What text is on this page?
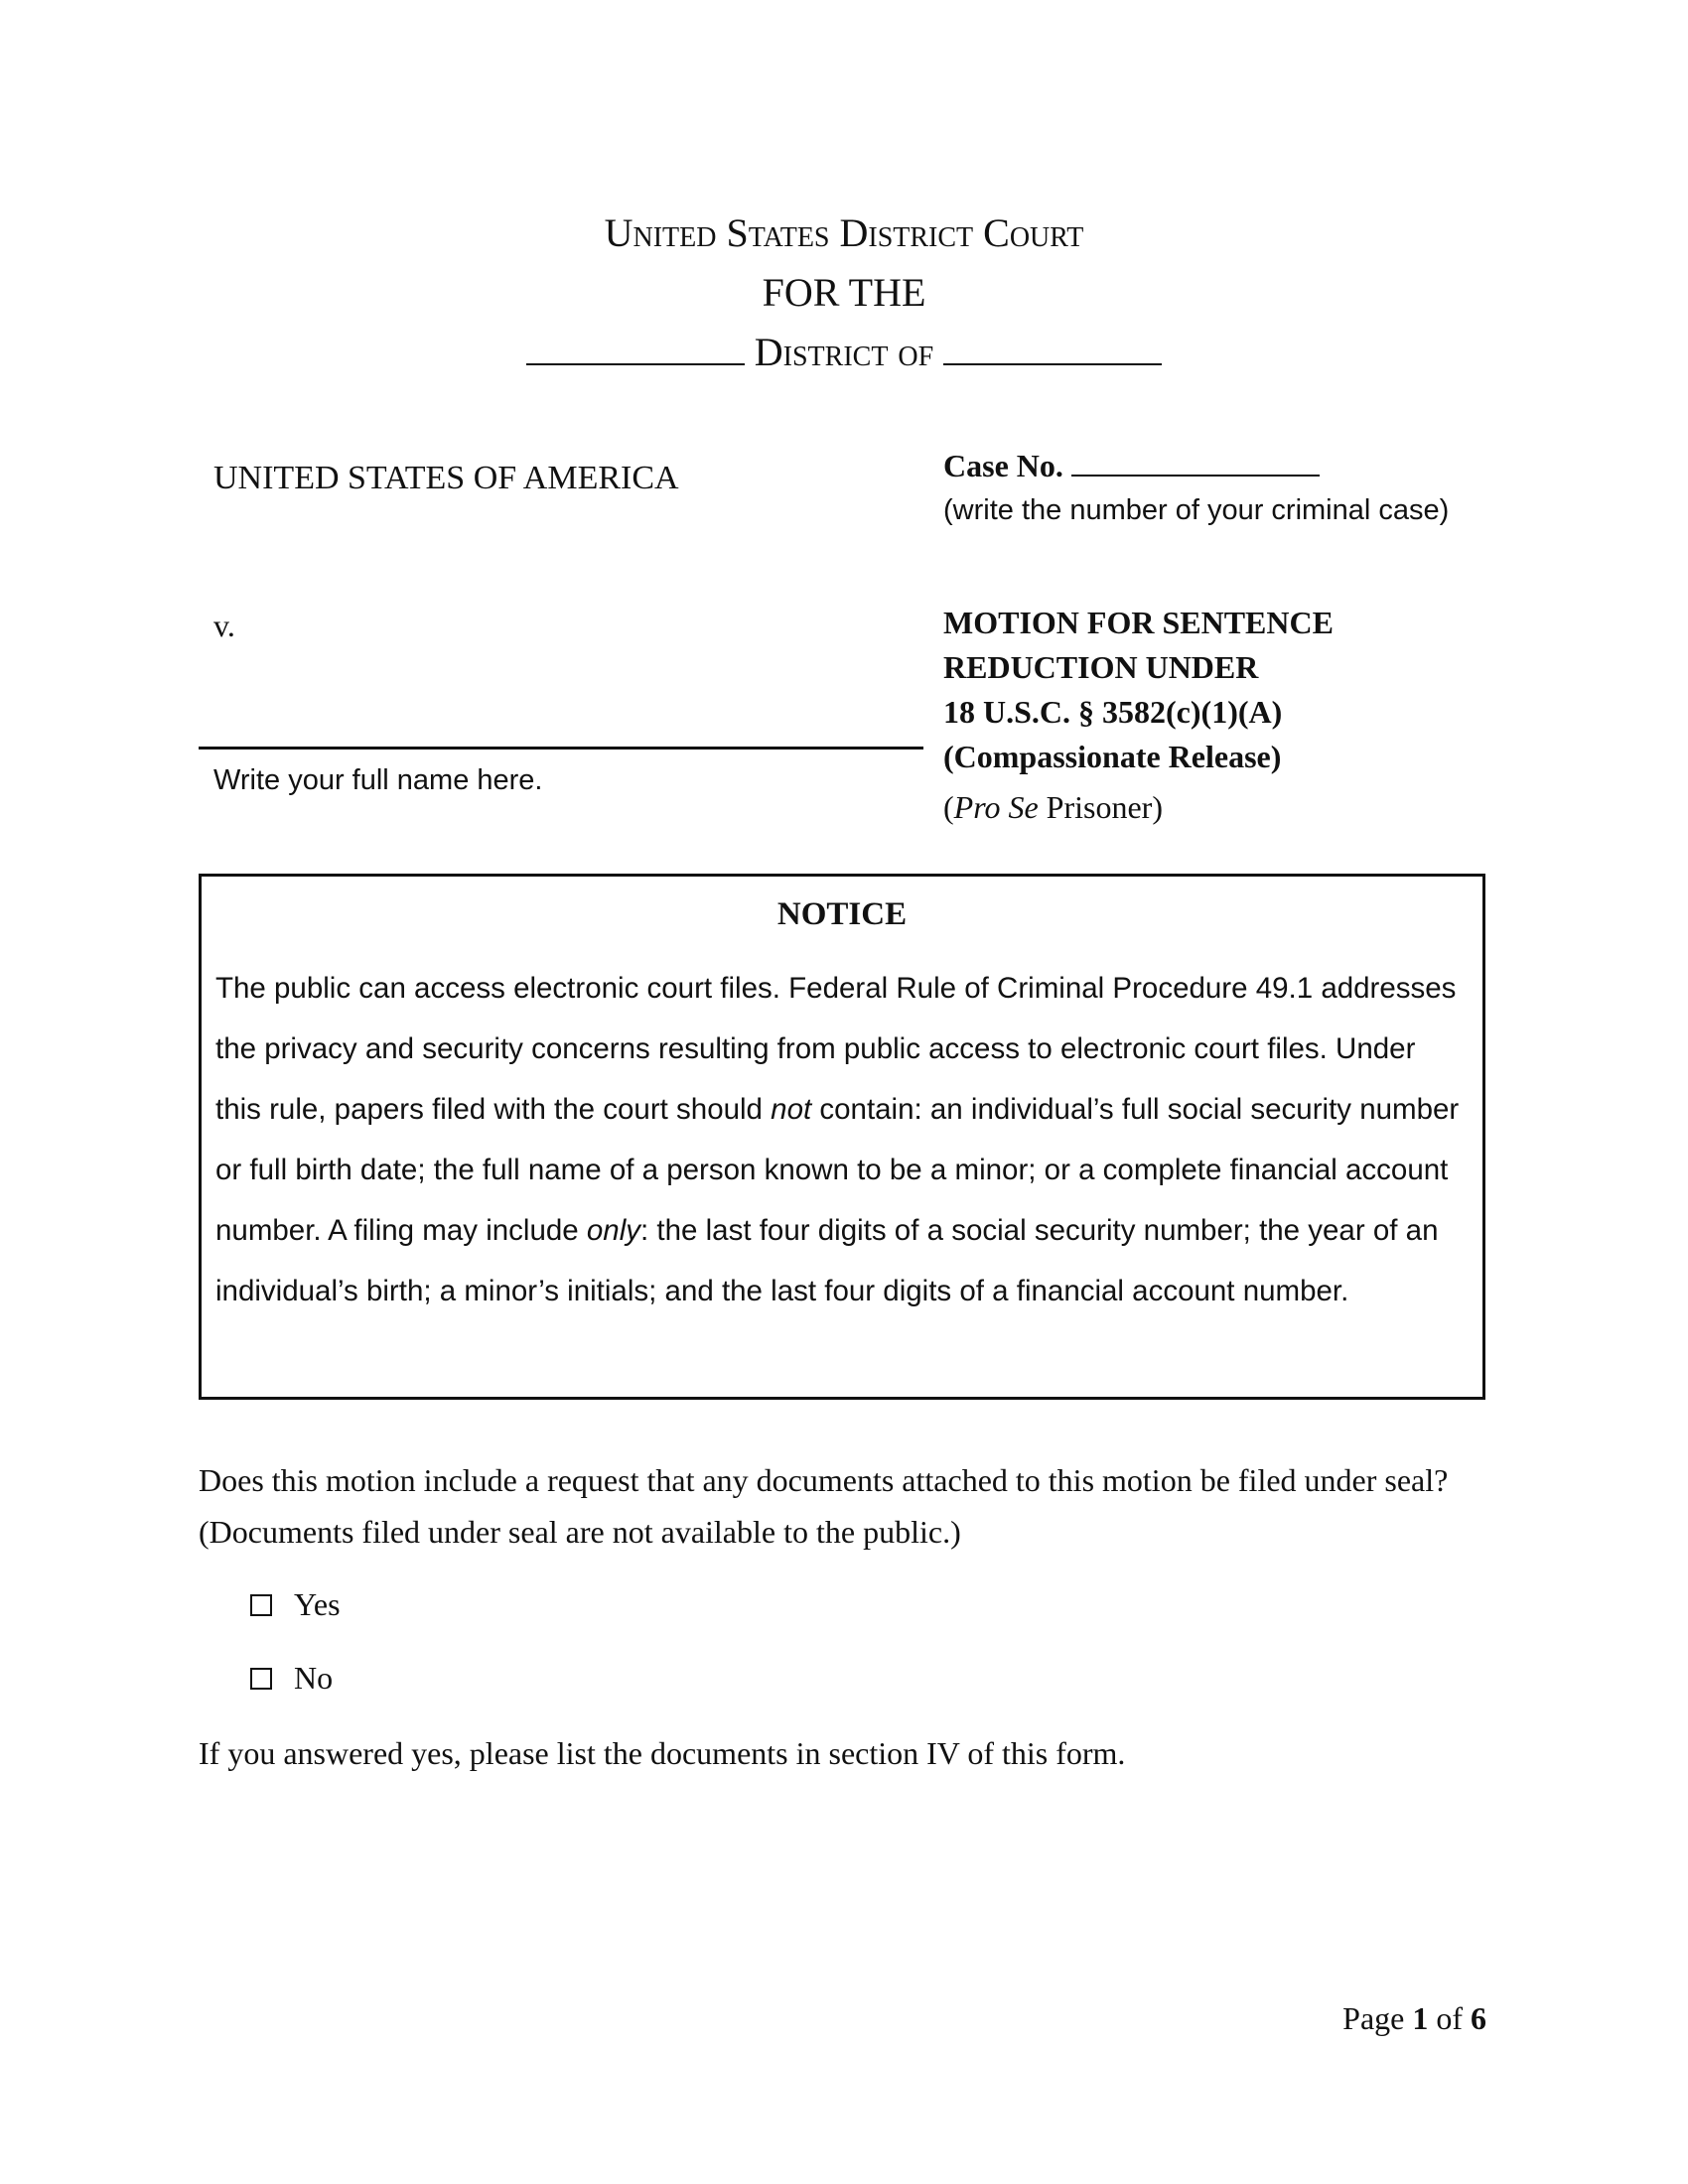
United States District Court
FOR THE
District of
UNITED STATES OF AMERICA
v.
Write your full name here.
Case No.
(write the number of your criminal case)
MOTION FOR SENTENCE
REDUCTION UNDER
18 U.S.C. § 3582(c)(1)(A)
(Compassionate Release)
(Pro Se Prisoner)
NOTICE
The public can access electronic court files. Federal Rule of Criminal Procedure 49.1 addresses the privacy and security concerns resulting from public access to electronic court files. Under this rule, papers filed with the court should not contain: an individual’s full social security number or full birth date; the full name of a person known to be a minor; or a complete financial account number. A filing may include only: the last four digits of a social security number; the year of an individual’s birth; a minor’s initials; and the last four digits of a financial account number.
Does this motion include a request that any documents attached to this motion be filed under seal? (Documents filed under seal are not available to the public.)
Yes
No
If you answered yes, please list the documents in section IV of this form.
Page 1 of 6
